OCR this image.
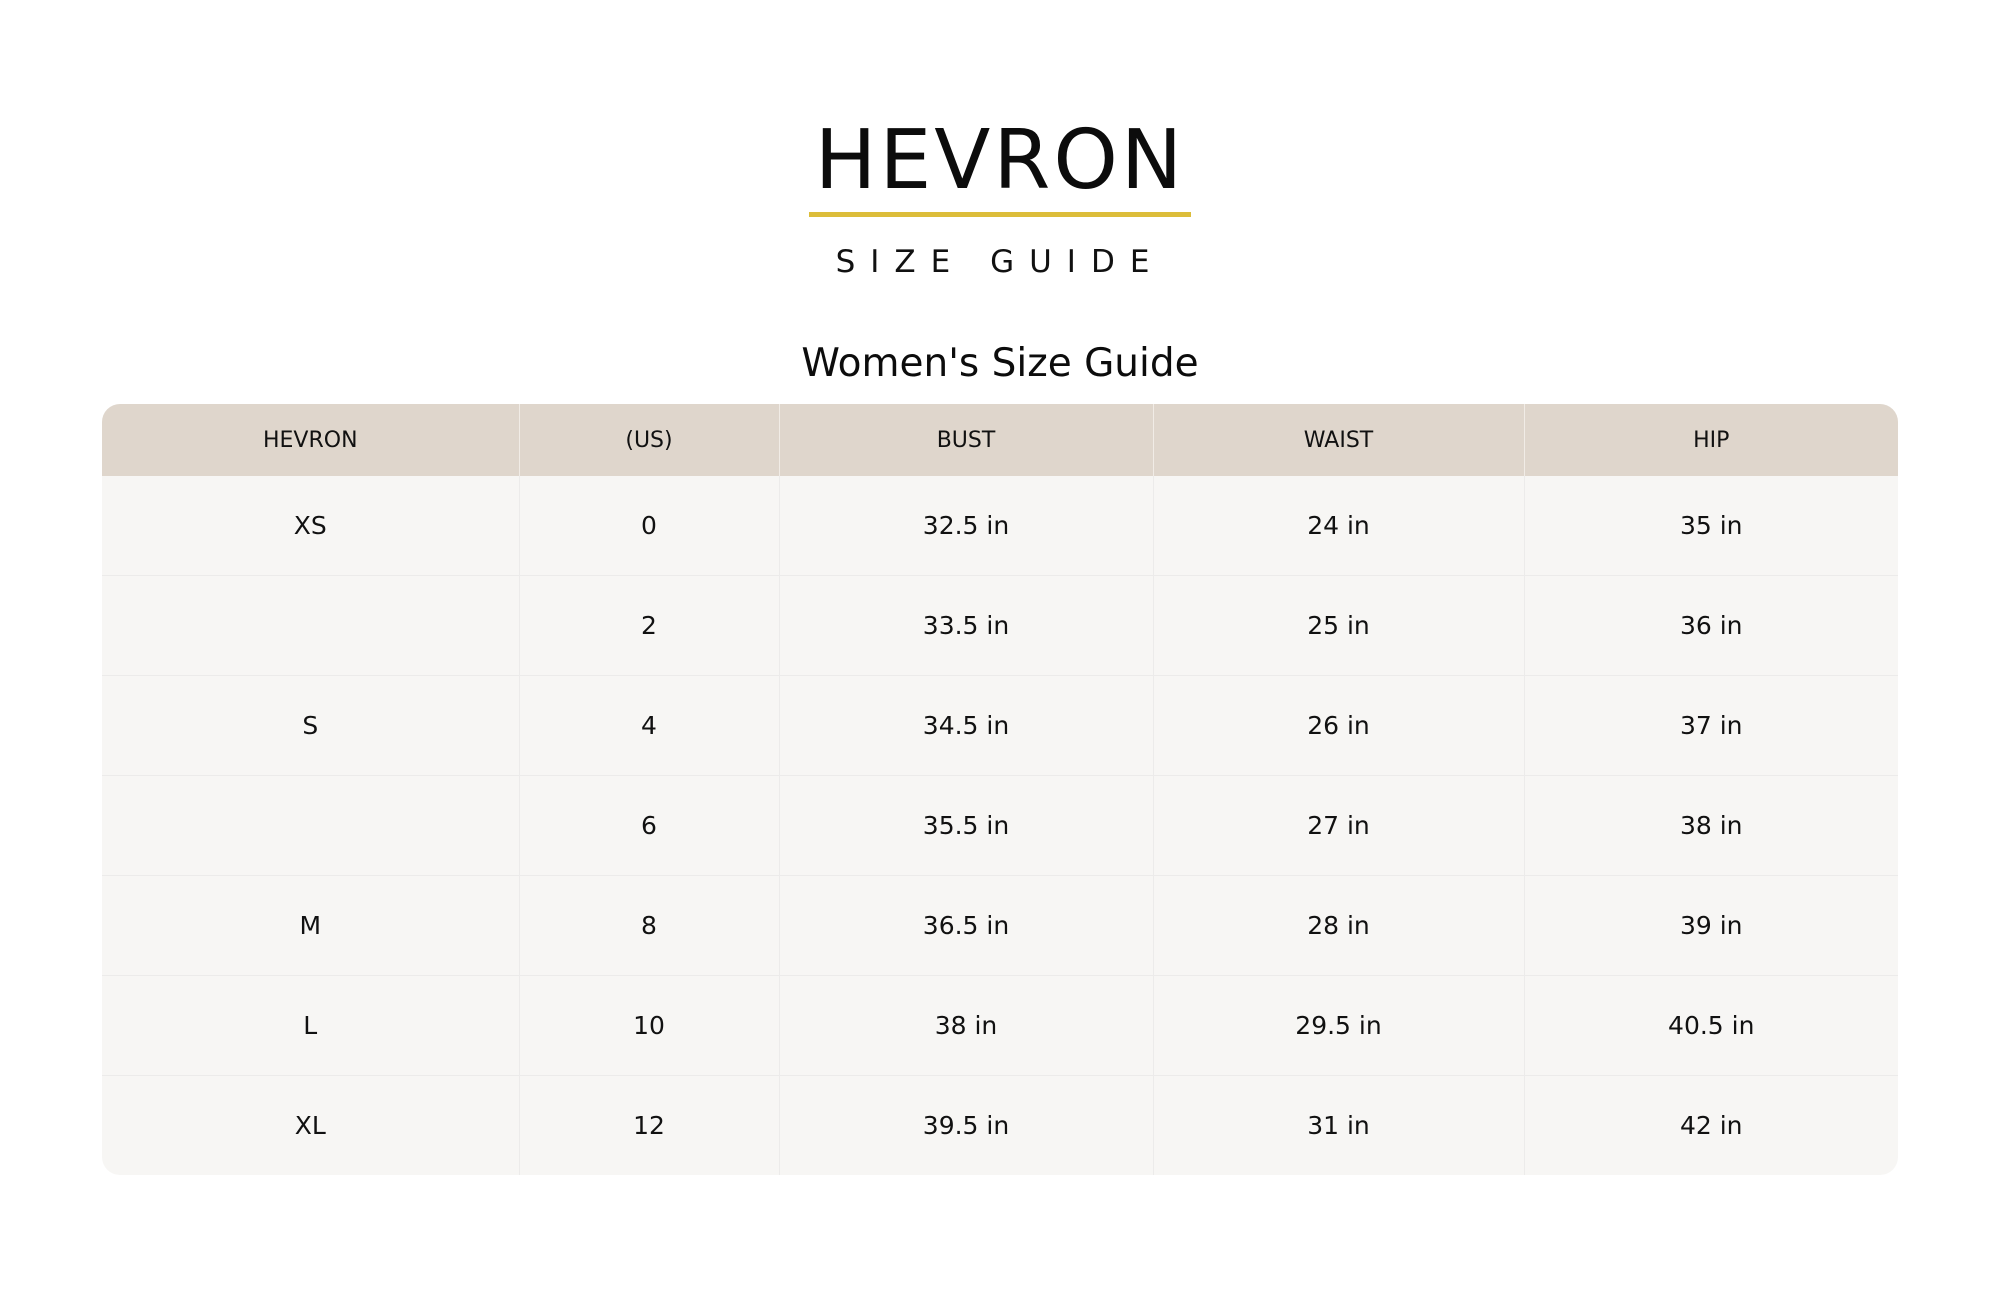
HEVRON
SIZE GUIDE
Women's Size Guide
HEVRON	(US)	BUST	WAIST	HIP
XS	0	32.5 in	24 in	35 in
	2	33.5 in	25 in	36 in
S	4	34.5 in	26 in	37 in
	6	35.5 in	27 in	38 in
M	8	36.5 in	28 in	39 in
L	10	38 in	29.5 in	40.5 in
XL	12	39.5 in	31 in	42 in
